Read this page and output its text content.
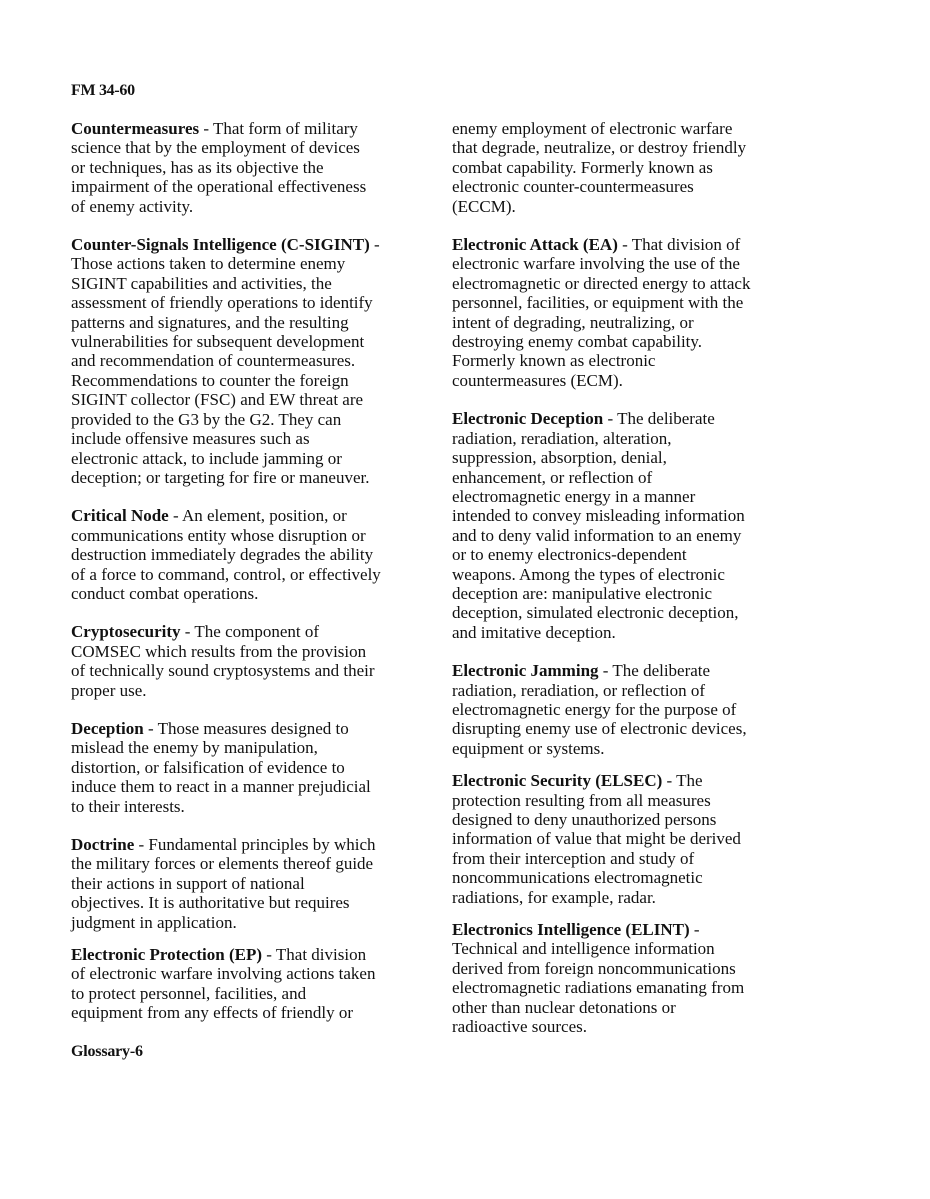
FM 34-60

Countermeasures - That form of military
science that by the employment of devices
or techniques, has as its objective the
impairment of the operational effectiveness
of enemy activity.

Counter-Signals Intelligence (C-SIGINT) -
Those actions taken to determine enemy
SIGINT capabilities and activities, the
assessment of friendly operations to identify
patterns and signatures, and the resulting
vulnerabilities for subsequent development
and recommendation of countermeasures.
Recommendations to counter the foreign
SIGINT collector (FSC) and EW threat are
provided to the G3 by the G2. They can
include offensive measures such as
electronic attack, to include jamming or
deception; or targeting for fire or maneuver.

Critical Node - An element, position, or
communications entity whose disruption or
destruction immediately degrades the ability
of a force to command, control, or effectively
conduct combat operations.

Cryptosecurity - The component of
COMSEC which results from the provision
of technically sound cryptosystems and their
proper use.

Deception - Those measures designed to
mislead the enemy by manipulation,
distortion, or falsification of evidence to
induce them to react in a manner prejudicial
to their interests.

Doctrine - Fundamental principles by which
the military forces or elements thereof guide
their actions in support of national
objectives. It is authoritative but requires
judgment in application.

Electronic Protection (EP) - That division
of electronic warfare involving actions taken
to protect personnel, facilities, and
equipment from any effects of friendly or

enemy employment of electronic warfare
that degrade, neutralize, or destroy friendly
combat capability. Formerly known as
electronic counter-countermeasures
(ECCM).

Electronic Attack (EA) - That division of
electronic warfare involving the use of the
electromagnetic or directed energy to attack
personnel, facilities, or equipment with the
intent of degrading, neutralizing, or
destroying enemy combat capability.
Formerly known as electronic
countermeasures (ECM).

Electronic Deception - The deliberate
radiation, reradiation, alteration,
suppression, absorption, denial,
enhancement, or reflection of
electromagnetic energy in a manner
intended to convey misleading information
and to deny valid information to an enemy
or to enemy electronics-dependent
weapons. Among the types of electronic
deception are: manipulative electronic
deception, simulated electronic deception,
and imitative deception.

Electronic Jamming - The deliberate
radiation, reradiation, or reflection of
electromagnetic energy for the purpose of
disrupting enemy use of electronic devices,
equipment or systems.

Electronic Security (ELSEC) - The
protection resulting from all measures
designed to deny unauthorized persons
information of value that might be derived
from their interception and study of
noncommunications electromagnetic
radiations, for example, radar.

Electronics Intelligence (ELINT) -
Technical and intelligence information
derived from foreign noncommunications
electromagnetic radiations emanating from
other than nuclear detonations or
radioactive sources.

Glossary-6
